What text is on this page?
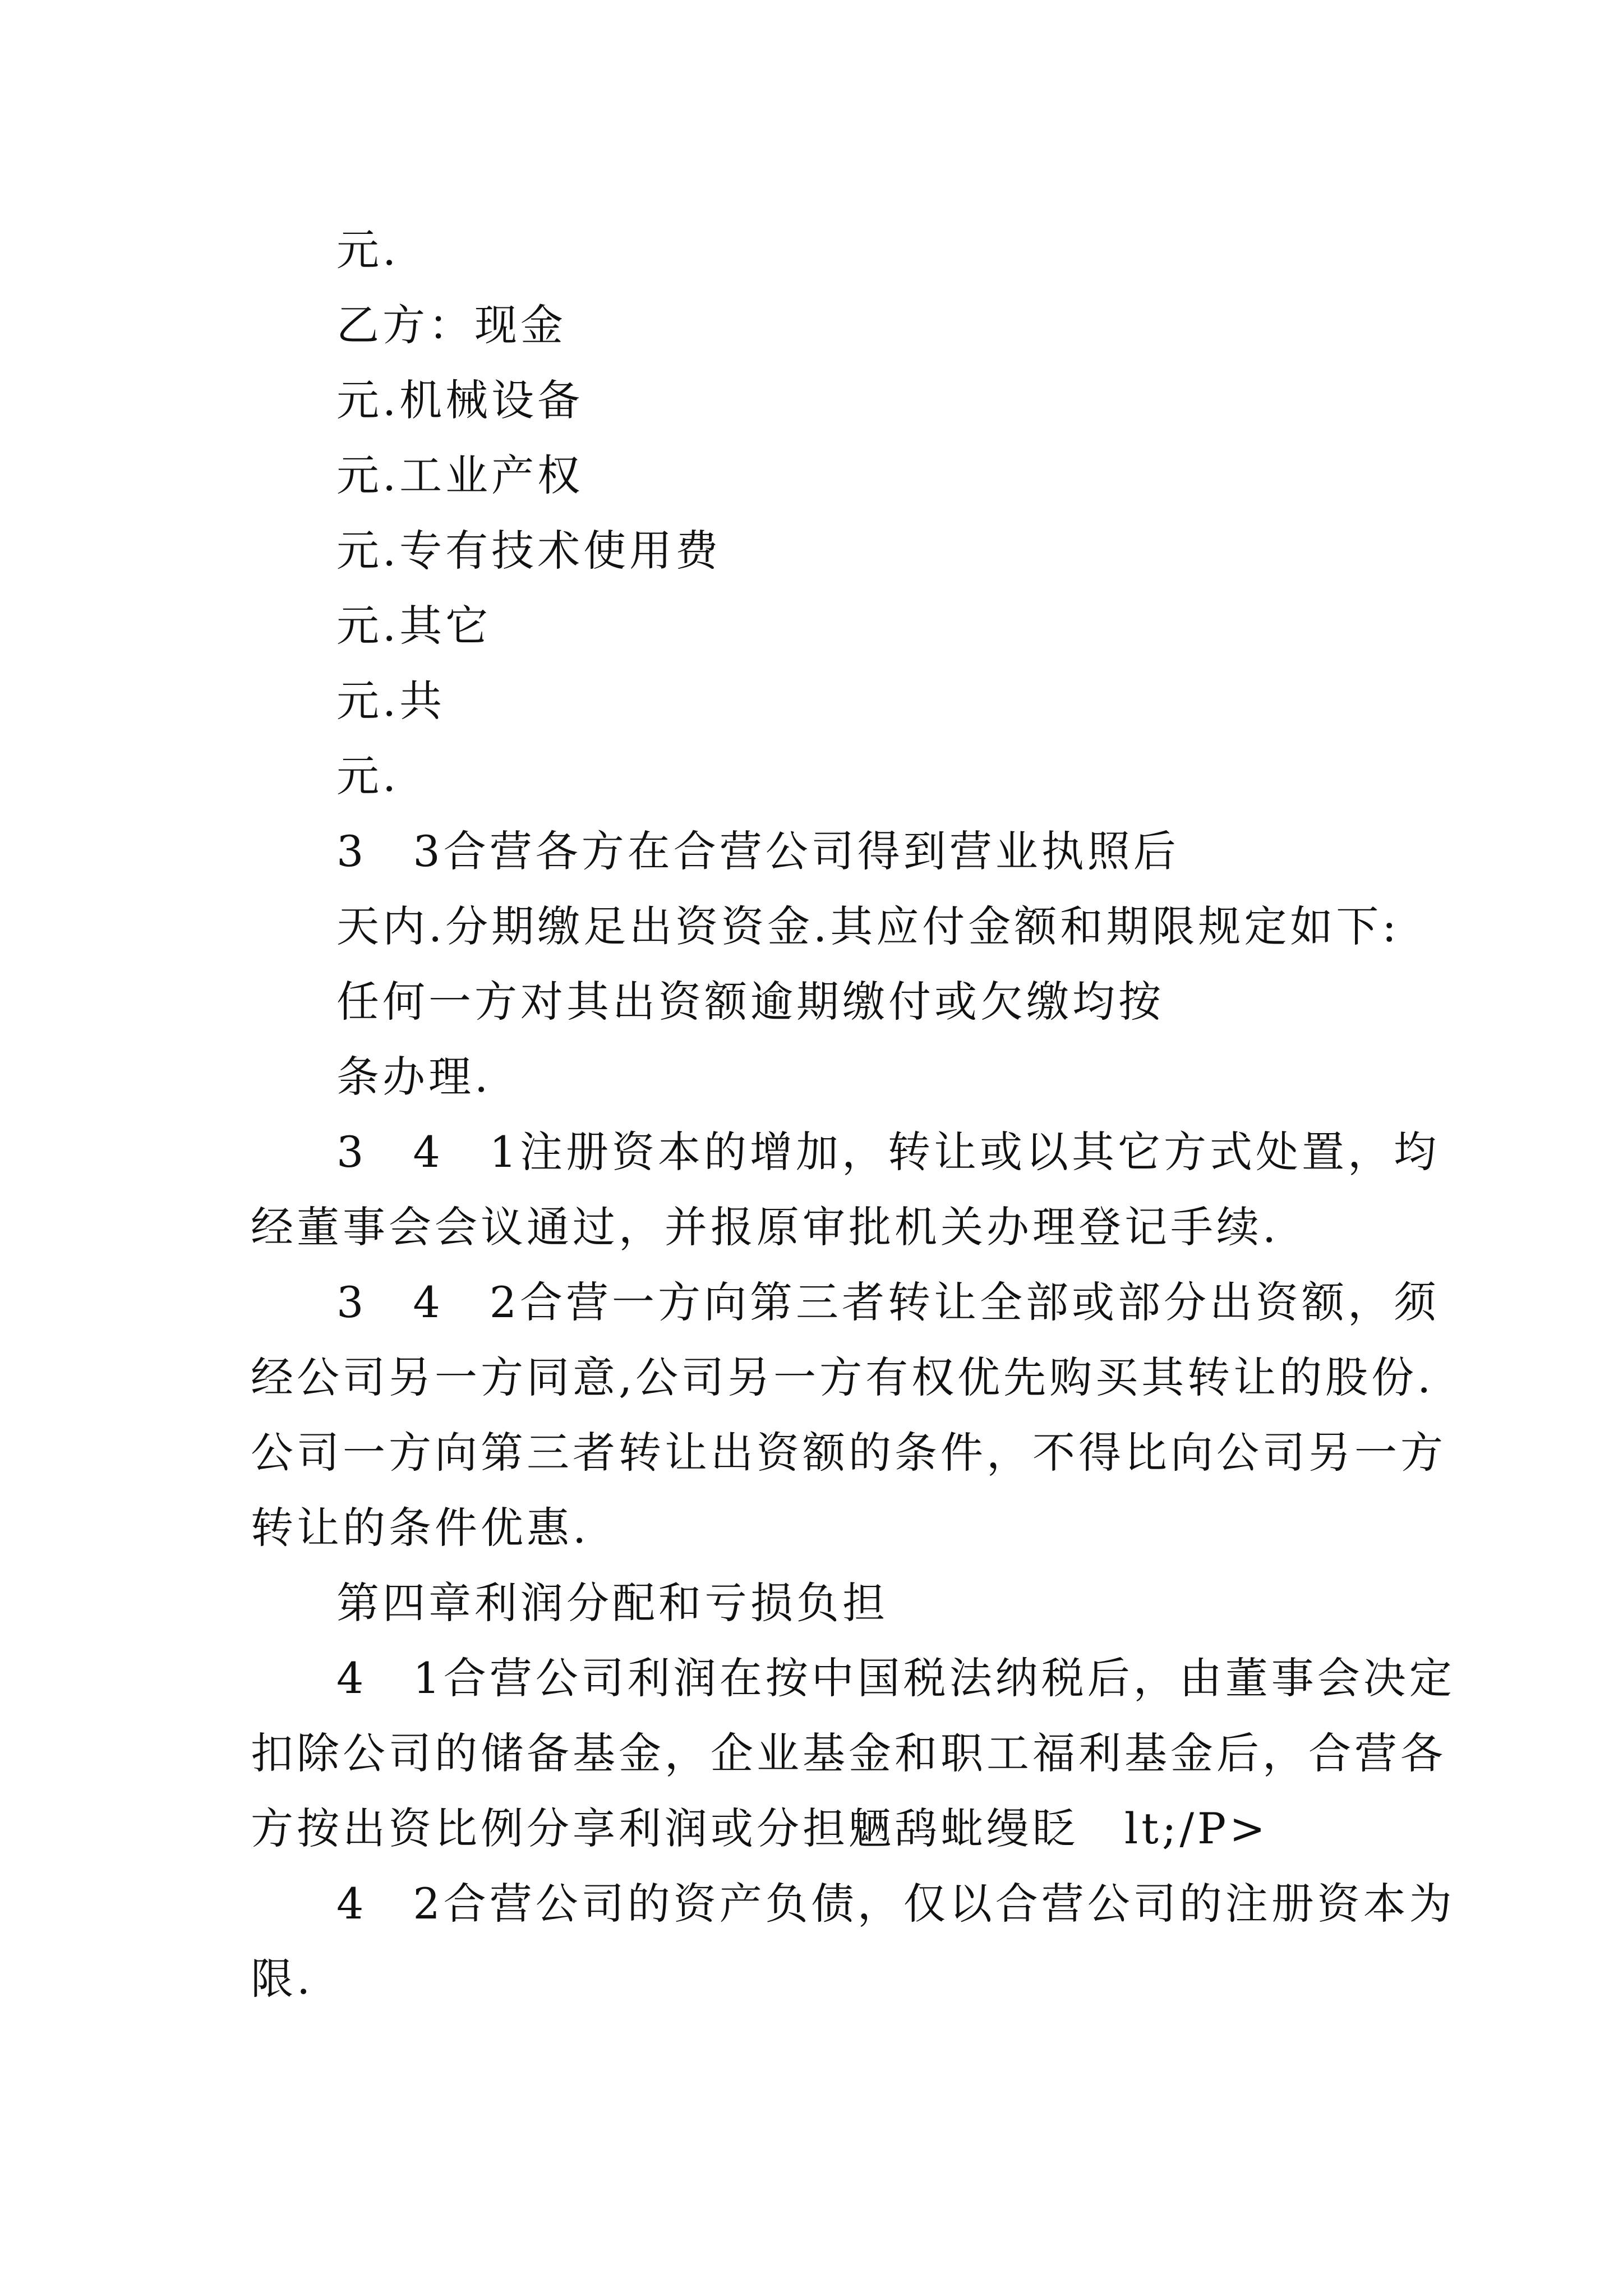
元.
乙方：现金
元.机械设备
元.工业产权
元.专有技术使用费
元.其它
元.共
元.
3　3合营各方在合营公司得到营业执照后
天内.分期缴足出资资金.其应付金额和期限规定如下:
任何一方对其出资额逾期缴付或欠缴均按
条办理.
3　4　1注册资本的增加，转让或以其它方式处置，均
经董事会会议通过，并报原审批机关办理登记手续.
3　4　2合营一方向第三者转让全部或部分出资额，须
经公司另一方同意,公司另一方有权优先购买其转让的股份.
公司一方向第三者转让出资额的条件，不得比向公司另一方
转让的条件优惠.
第四章利润分配和亏损负担
4　1合营公司利润在按中国税法纳税后，由董事会决定
扣除公司的储备基金，企业基金和职工福利基金后，合营各
方按出资比例分享利润或分担魉鸹蚍缦眨　lt;/P>
4　2合营公司的资产负债，仅以合营公司的注册资本为
限.
